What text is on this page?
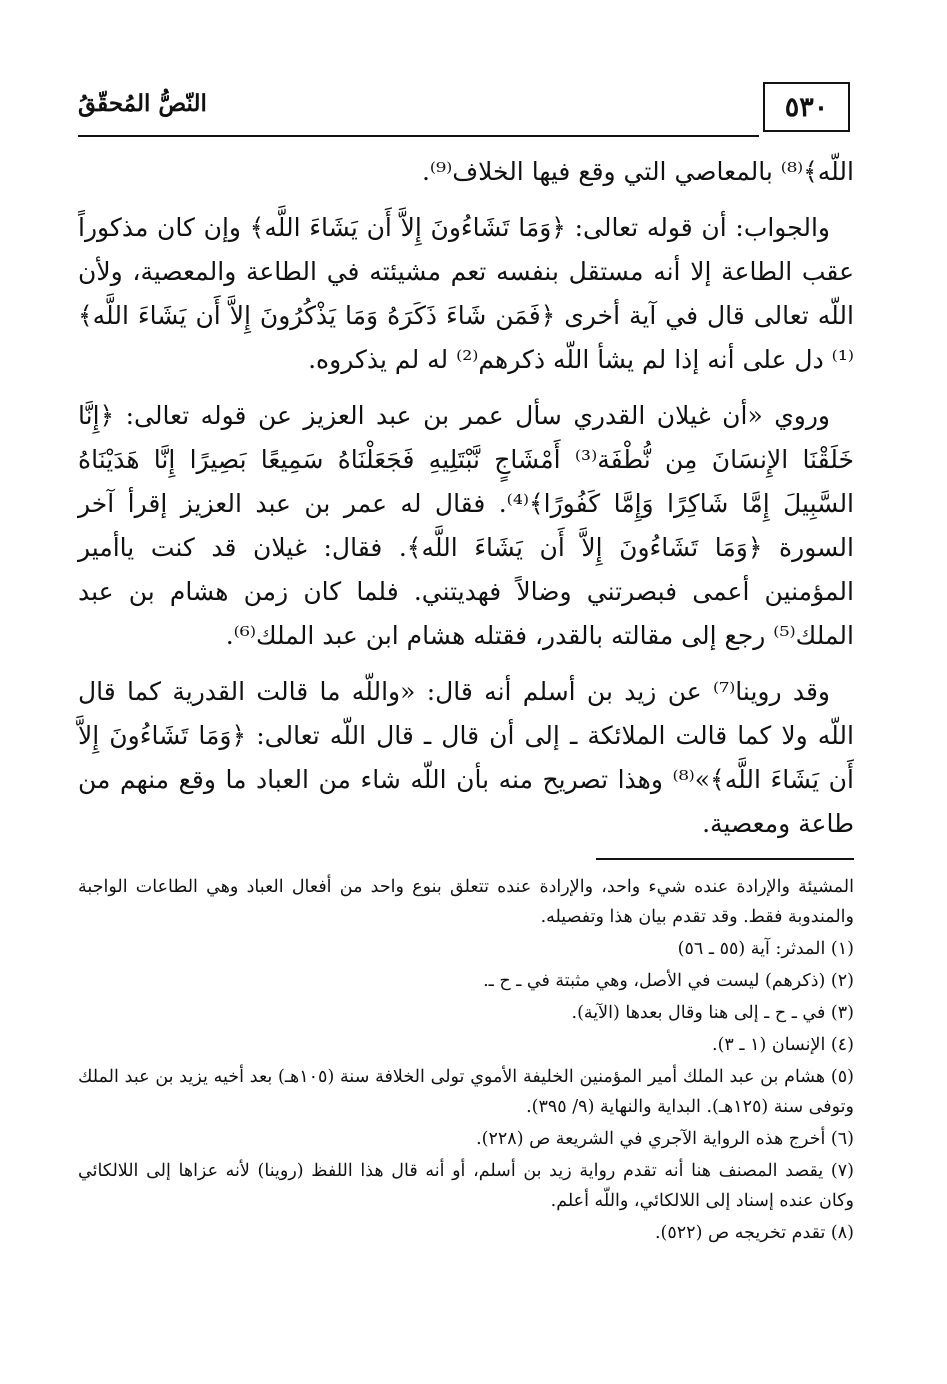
النّصُّ المُحقّقُ	٥٣٠

اللّه﴾⁽⁸⁾ بالمعاصي التي وقع فيها الخلاف⁽⁹⁾.

والجواب: أن قوله تعالى: ﴿وَمَا تَشَاءُونَ إِلاَّ أَن يَشَاءَ اللَّه﴾ وإن كان مذكوراً عقب الطاعة إلا أنه مستقل بنفسه تعم مشيئته في الطاعة والمعصية، ولأن اللّه تعالى قال في آية أخرى ﴿فَمَن شَاءَ ذَكَرَهُ وَمَا يَذْكُرُونَ إِلاَّ أَن يَشَاءَ اللَّه﴾⁽¹⁾ دل على أنه إذا لم يشأ اللّه ذكرهم⁽²⁾ له لم يذكروه.

وروي «أن غيلان القدري سأل عمر بن عبد العزيز عن قوله تعالى: ﴿إِنَّا خَلَقْنَا الإِنسَانَ مِن نُّطْفَة⁽³⁾ أَمْشَاجٍ نَّبْتَلِيهِ فَجَعَلْنَاهُ سَمِيعًا بَصِيرًا إِنَّا هَدَيْنَاهُ السَّبِيلَ إِمَّا شَاكِرًا وَإِمَّا كَفُورًا﴾⁽⁴⁾. فقال له عمر بن عبد العزيز إقرأ آخر السورة ﴿وَمَا تَشَاءُونَ إِلاَّ أَن يَشَاءَ اللَّه﴾. فقال: غيلان قد كنت ياأمير المؤمنين أعمى فبصرتني وضالاً فهديتني. فلما كان زمن هشام بن عبد الملك⁽⁵⁾ رجع إلى مقالته بالقدر، فقتله هشام ابن عبد الملك⁽⁶⁾.

وقد روينا⁽⁷⁾ عن زيد بن أسلم أنه قال: «واللّه ما قالت القدرية كما قال اللّه ولا كما قالت الملائكة ـ إلى أن قال ـ قال اللّه تعالى: ﴿وَمَا تَشَاءُونَ إِلاَّ أَن يَشَاءَ اللَّه﴾»⁽⁸⁾ وهذا تصريح منه بأن اللّه شاء من العباد ما وقع منهم من طاعة ومعصية.

المشيئة والإرادة عنده شيء واحد، والإرادة عنده تتعلق بنوع واحد من أفعال العباد وهي الطاعات الواجبة والمندوبة فقط. وقد تقدم بيان هذا وتفصيله.

(١) المدثر: آية (٥٥ ـ ٥٦)

(٢) (ذكرهم) ليست في الأصل، وهي مثبتة في ـ ح ـ.

(٣) في ـ ح ـ إلى هنا وقال بعدها (الآية).

(٤) الإنسان (١ ـ ٣).

(٥) هشام بن عبد الملك أمير المؤمنين الخليفة الأموي تولى الخلافة سنة (١٠٥هـ) بعد أخيه يزيد بن عبد الملك وتوفى سنة (١٢٥هـ). البداية والنهاية (٩/ ٣٩٥).

(٦) أخرج هذه الرواية الآجري في الشريعة ص (٢٢٨).

(٧) يقصد المصنف هنا أنه تقدم رواية زيد بن أسلم، أو أنه قال هذا اللفظ (روينا) لأنه عزاها إلى اللالكائي وكان عنده إسناد إلى اللالكائي، واللّه أعلم.

(٨) تقدم تخريجه ص (٥٢٢).
